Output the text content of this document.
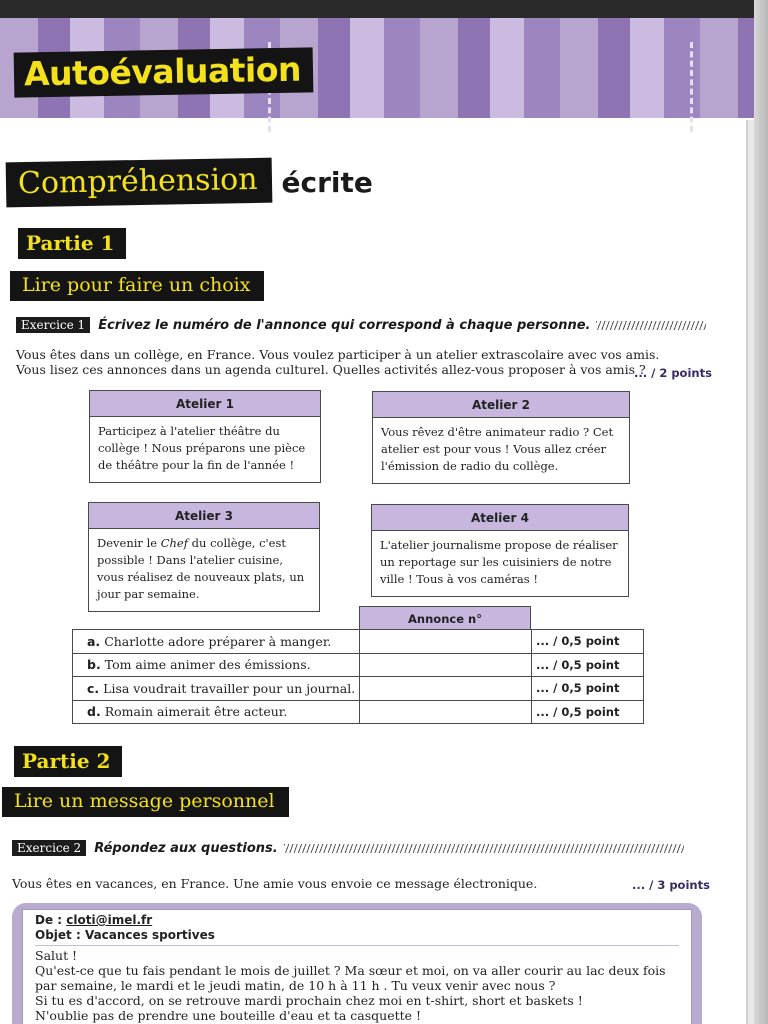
Autoévaluation
Compréhension écrite
Partie 1
Lire pour faire un choix
Exercice 1	Écrivez le numéro de l'annonce qui correspond à chaque personne.
Vous êtes dans un collège, en France. Vous voulez participer à un atelier extrascolaire avec vos amis.
Vous lisez ces annonces dans un agenda culturel. Quelles activités allez-vous proposer à vos amis ?
... / 2 points
Atelier 1
Participez à l'atelier théâtre du collège ! Nous préparons une pièce de théâtre pour la fin de l'année !
Atelier 2
Vous rêvez d'être animateur radio ? Cet atelier est pour vous ! Vous allez créer l'émission de radio du collège.
Atelier 3
Devenir le Chef du collège, c'est possible ! Dans l'atelier cuisine, vous réalisez de nouveaux plats, un jour par semaine.
Atelier 4
L'atelier journalisme propose de réaliser un reportage sur les cuisiniers de notre ville ! Tous à vos caméras !
Annonce n°
a. Charlotte adore préparer à manger.		... / 0,5 point
b. Tom aime animer des émissions.		... / 0,5 point
c. Lisa voudrait travailler pour un journal.		... / 0,5 point
d. Romain aimerait être acteur.		... / 0,5 point
Partie 2
Lire un message personnel
Exercice 2	Répondez aux questions.
Vous êtes en vacances, en France. Une amie vous envoie ce message électronique.	... / 3 points
De : cloti@imel.fr
Objet : Vacances sportives

Salut !

Qu'est-ce que tu fais pendant le mois de juillet ? Ma sœur et moi, on va aller courir au lac deux fois

par semaine, le mardi et le jeudi matin, de 10 h à 11 h . Tu veux venir avec nous ?

Si tu es d'accord, on se retrouve mardi prochain chez moi en t-shirt, short et baskets !

N'oublie pas de prendre une bouteille d'eau et ta casquette !
